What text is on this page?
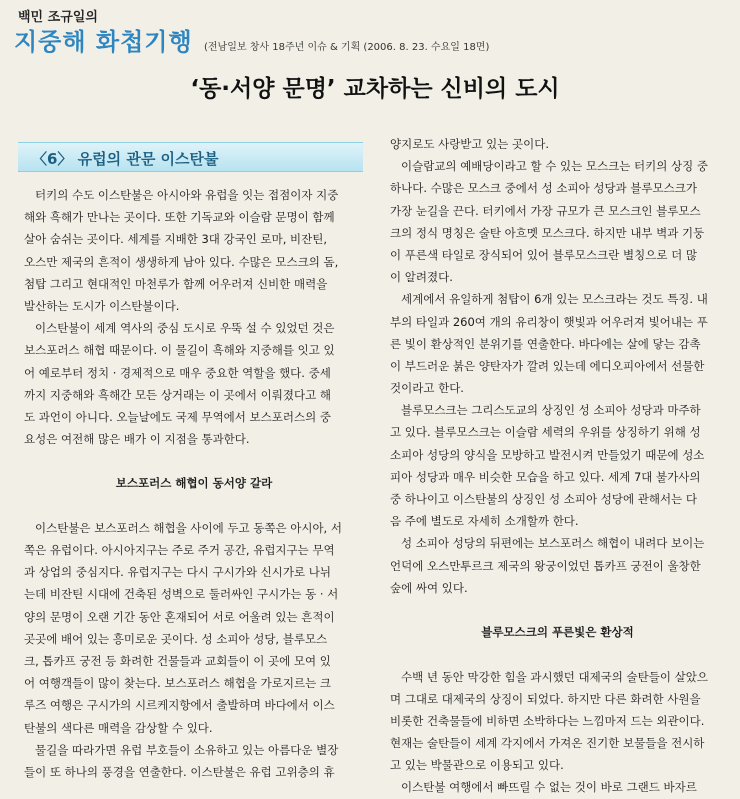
백민 조규일의
지중해 화첩기행 (전남일보 창사 18주년 이슈 & 기획 (2006. 8. 23. 수요일 18면)
‘동·서양 문명’ 교차하는 신비의 도시
〈6〉 유럽의 관문 이스탄불
터키의 수도 이스탄불은 아시아와 유럽을 잇는 접점이자 지중
해와 흑해가 만나는 곳이다. 또한 기독교와 이슬람 문명이 함께
살아 숨쉬는 곳이다. 세계를 지배한 3대 강국인 로마, 비잔틴,
오스만 제국의 흔적이 생생하게 남아 있다. 수많은 모스크의 돔,
첨탑 그리고 현대적인 마천루가 함께 어우러져 신비한 매력을
발산하는 도시가 이스탄불이다.
이스탄불이 세계 역사의 중심 도시로 우뚝 설 수 있었던 것은
보스포러스 해협 때문이다. 이 물길이 흑해와 지중해를 잇고 있
어 예로부터 정치 · 경제적으로 매우 중요한 역할을 했다. 중세
까지 지중해와 흑해간 모든 상거래는 이 곳에서 이뤄졌다고 해
도 과언이 아니다. 오늘날에도 국제 무역에서 보스포러스의 중
요성은 여전해 많은 배가 이 지점을 통과한다.
보스포러스 해협이 동서양 갈라
이스탄불은 보스포러스 해협을 사이에 두고 동쪽은 아시아, 서
쪽은 유럽이다. 아시아지구는 주로 주거 공간, 유럽지구는 무역
과 상업의 중심지다. 유럽지구는 다시 구시가와 신시가로 나뉘
는데 비잔틴 시대에 건축된 성벽으로 둘러싸인 구시가는 동 · 서
양의 문명이 오랜 기간 동안 혼재되어 서로 어울려 있는 흔적이
곳곳에 배어 있는 흥미로운 곳이다. 성 소피아 성당, 블루모스
크, 톱카프 궁전 등 화려한 건물들과 교회들이 이 곳에 모여 있
어 여행객들이 많이 찾는다. 보스포러스 해협을 가로지르는 크
루즈 여행은 구시가의 시르케지항에서 출발하며 바다에서 이스
탄불의 색다른 매력을 감상할 수 있다.
물길을 따라가면 유럽 부호들이 소유하고 있는 아름다운 별장
들이 또 하나의 풍경을 연출한다. 이스탄불은 유럽 고위층의 휴
양지로도 사랑받고 있는 곳이다.
이슬람교의 예배당이라고 할 수 있는 모스크는 터키의 상징 중
하나다. 수많은 모스크 중에서 성 소피아 성당과 블루모스크가
가장 눈길을 끈다. 터키에서 가장 규모가 큰 모스크인 블루모스
크의 정식 명칭은 술탄 아흐멧 모스크다. 하지만 내부 벽과 기둥
이 푸른색 타일로 장식되어 있어 블루모스크란 별칭으로 더 많
이 알려졌다.
세계에서 유일하게 첨탑이 6개 있는 모스크라는 것도 특징. 내
부의 타일과 260여 개의 유리창이 햇빛과 어우러져 빛어내는 푸
른 빛이 환상적인 분위기를 연출한다. 바다에는 살에 닿는 감촉
이 부드러운 붉은 양탄자가 깔려 있는데 에디오피아에서 선물한
것이라고 한다.
블루모스크는 그리스도교의 상징인 성 소피아 성당과 마주하
고 있다. 블루모스크는 이슬람 세력의 우위를 상징하기 위해 성
소피아 성당의 양식을 모방하고 발전시켜 만들었기 때문에 성소
피아 성당과 매우 비슷한 모습을 하고 있다. 세계 7대 불가사의
중 하나이고 이스탄불의 상징인 성 소피아 성당에 관해서는 다
음 주에 별도로 자세히 소개할까 한다.
성 소피아 성당의 뒤편에는 보스포러스 해협이 내려다 보이는
언덕에 오스만투르크 제국의 왕궁이었던 톱카프 궁전이 울창한
숲에 싸여 있다.
블루모스크의 푸른빛은 환상적
수백 년 동안 막강한 힘을 과시했던 대제국의 술탄들이 살았으
며 그대로 대제국의 상징이 되었다. 하지만 다른 화려한 사원을
비롯한 건축물들에 비하면 소박하다는 느낌마저 드는 외관이다.
현재는 술탄들이 세계 각지에서 가져온 진기한 보물들을 전시하
고 있는 박물관으로 이용되고 있다.
이스탄불 여행에서 빠뜨릴 수 없는 것이 바로 그랜드 바자르
